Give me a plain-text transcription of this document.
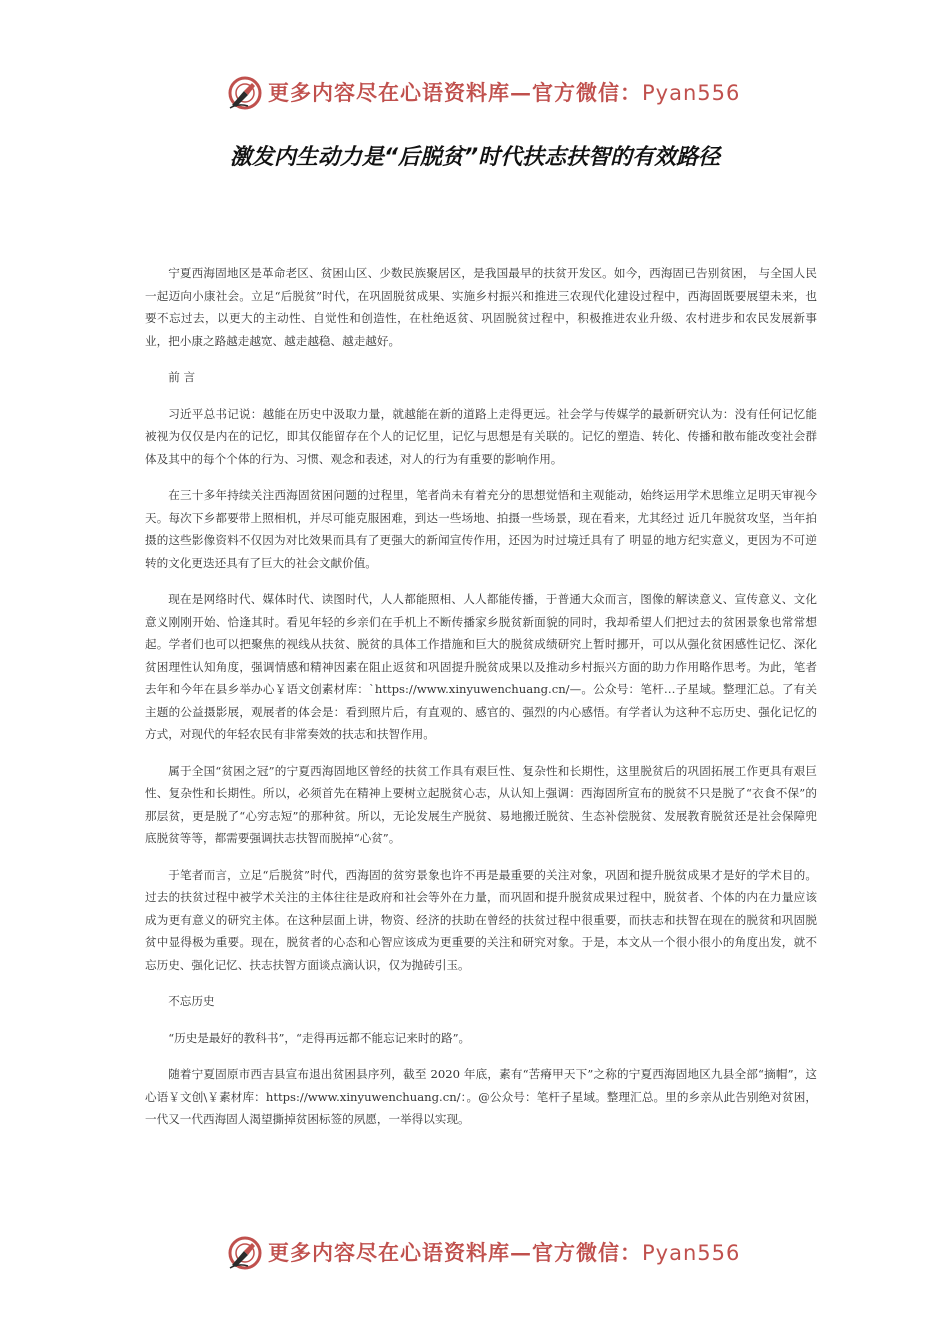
更多内容尽在心语资料库—官方微信：Pyan556
激发内生动力是“后脱贫”时代扶志扶智的有效路径

宁夏西海固地区是革命老区、贫困山区、少数民族聚居区，是我国最早的扶贫开发区。如今，西海固已告别贫困， 与全国人民一起迈向小康社会。立足“后脱贫”时代，在巩固脱贫成果、实施乡村振兴和推进三农现代化建设过程中，西海固既要展望未来，也要不忘过去，以更大的主动性、自觉性和创造性，在杜绝返贫、巩固脱贫过程中，积极推进农业升级、农村进步和农民发展新事业，把小康之路越走越宽、越走越稳、越走越好。

前 言

习近平总书记说：越能在历史中汲取力量，就越能在新的道路上走得更远。社会学与传媒学的最新研究认为：没有任何记忆能被视为仅仅是内在的记忆，即其仅能留存在个人的记忆里，记忆与思想是有关联的。记忆的塑造、转化、传播和散布能改变社会群体及其中的每个个体的行为、习惯、观念和表述，对人的行为有重要的影响作用。

在三十多年持续关注西海固贫困问题的过程里，笔者尚未有着充分的思想觉悟和主观能动，始终运用学术思维立足明天审视今天。每次下乡都要带上照相机，并尽可能克服困难，到达一些场地、拍摄一些场景，现在看来，尤其经过 近几年脱贫攻坚，当年拍摄的这些影像资料不仅因为对比效果而具有了更强大的新闻宣传作用，还因为时过境迁具有了 明显的地方纪实意义，更因为不可逆转的文化更迭还具有了巨大的社会文献价值。

现在是网络时代、媒体时代、读图时代，人人都能照相、人人都能传播，于普通大众而言，图像的解读意义、宣传意义、文化意义刚刚开始、恰逢其时。看见年轻的乡亲们在手机上不断传播家乡脱贫新面貌的同时，我却希望人们把过去的贫困景象也常常想起。学者们也可以把聚焦的视线从扶贫、脱贫的具体工作措施和巨大的脱贫成绩研究上暂时挪开，可以从强化贫困感性记忆、深化贫困理性认知角度，强调情感和精神因素在阻止返贫和巩固提升脱贫成果以及推动乡村振兴方面的助力作用略作思考。为此，笔者去年和今年在县乡举办心￥语文创素材库：`https://www.xinyuwenchuang.cn/—。公众号：笔杆…子星域。整理汇总。了有关主题的公益摄影展，观展者的体会是：看到照片后，有直观的、感官的、强烈的内心感悟。有学者认为这种不忘历史、强化记忆的方式，对现代的年轻农民有非常奏效的扶志和扶智作用。

属于全国“贫困之冠”的宁夏西海固地区曾经的扶贫工作具有艰巨性、复杂性和长期性，这里脱贫后的巩固拓展工作更具有艰巨性、复杂性和长期性。所以，必须首先在精神上要树立起脱贫心志，从认知上强调：西海固所宣布的脱贫不只是脱了“衣食不保”的那层贫，更是脱了“心穷志短”的那种贫。所以，无论发展生产脱贫、易地搬迁脱贫、生态补偿脱贫、发展教育脱贫还是社会保障兜底脱贫等等，都需要强调扶志扶智而脱掉“心贫”。

于笔者而言，立足“后脱贫”时代，西海固的贫穷景象也许不再是最重要的关注对象，巩固和提升脱贫成果才是好的学术目的。过去的扶贫过程中被学术关注的主体往往是政府和社会等外在力量，而巩固和提升脱贫成果过程中，脱贫者、个体的内在力量应该成为更有意义的研究主体。在这种层面上讲，物资、经济的扶助在曾经的扶贫过程中很重要，而扶志和扶智在现在的脱贫和巩固脱贫中显得极为重要。现在，脱贫者的心态和心智应该成为更重要的关注和研究对象。于是，本文从一个很小很小的角度出发，就不忘历史、强化记忆、扶志扶智方面谈点滴认识，仅为抛砖引玉。

不忘历史

“历史是最好的教科书”，“走得再远都不能忘记来时的路”。

随着宁夏固原市西吉县宣布退出贫困县序列，截至 2020 年底，素有“苦瘠甲天下”之称的宁夏西海固地区九县全部“摘帽”，这心语￥文创\￥素材库：https://www.xinyuwenchuang.cn/：。@公众号：笔杆子星域。整理汇总。里的乡亲从此告别绝对贫困，一代又一代西海固人渴望撕掉贫困标签的夙愿，一举得以实现。

更多内容尽在心语资料库—官方微信：Pyan556
